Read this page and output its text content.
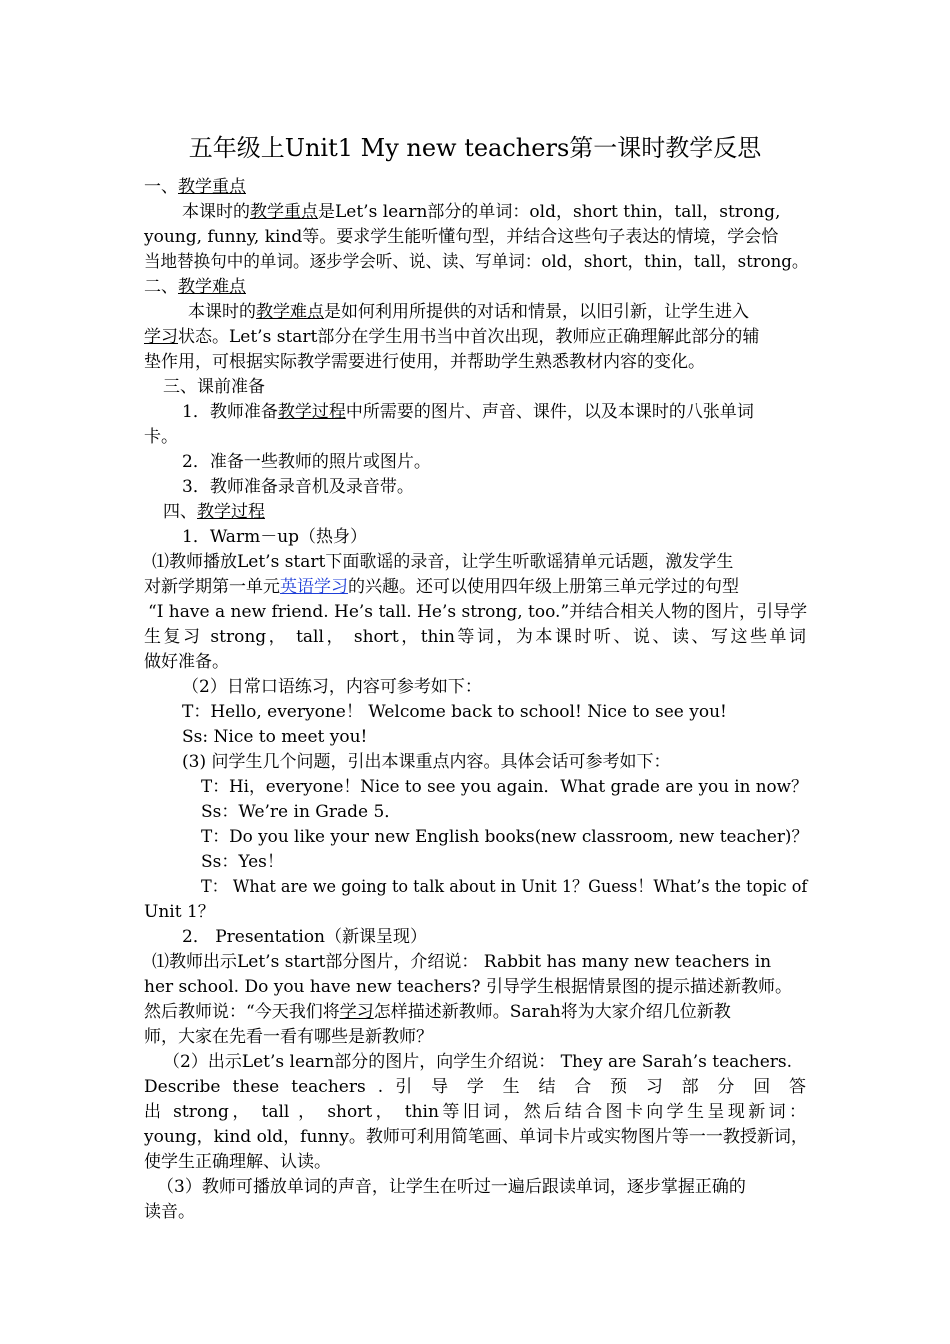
五年级上Unit1 My new teachers第一课时教学反思
一、教学重点
本课时的教学重点是Let’s learn部分的单词：old，short thin，tall，strong,
young, funny, kind等。要求学生能听懂句型，并结合这些句子表达的情境，学会恰
当地替换句中的单词。逐步学会听、说、读、写单词：old，short，thin，tall，strong。
二、教学难点
本课时的教学难点是如何利用所提供的对话和情景，以旧引新，让学生进入
学习状态。Let’s start部分在学生用书当中首次出现，教师应正确理解此部分的辅
垫作用，可根据实际教学需要进行使用，并帮助学生熟悉教材内容的变化。
三、课前准备
1．教师准备教学过程中所需要的图片、声音、课件，以及本课时的八张单词
卡。
2．准备一些教师的照片或图片。
3．教师准备录音机及录音带。
四、教学过程
1．Warm－up（热身）
⑴教师播放Let’s start下面歌谣的录音，让学生听歌谣猜单元话题，激发学生
对新学期第一单元英语学习的兴趣。还可以使用四年级上册第三单元学过的句型
“I have a new friend. He’s tall. He’s strong, too.”并结合相关人物的图片，引导学
生复习 strong， tall， short，thin等词，为本课时听、说、读、写这些单词
做好准备。
（2）日常口语练习，内容可参考如下：
T：Hello, everyone！ Welcome back to school! Nice to see you!
Ss: Nice to meet you!
(3) 问学生几个问题，引出本课重点内容。具体会话可参考如下：
T：Hi，everyone！Nice to see you again．What grade are you in now？
Ss：We’re in Grade 5．
T：Do you like your new English books(new classroom, new teacher)？
Ss：Yes！
T： What are we going to talk about in Unit 1？Guess！What’s the topic of
Unit 1？
2． Presentation（新课呈现）
⑴教师出示Let’s start部分图片，介绍说： Rabbit has many new teachers in
her school. Do you have new teachers? 引导学生根据情景图的提示描述新教师。
然后教师说：“今天我们将学习怎样描述新教师。Sarah将为大家介绍几位新教
师，大家在先看一看有哪些是新教师？
（2）出示Let’s learn部分的图片，向学生介绍说： They are Sarah’s teachers.
Describe these teachers . 引 导 学 生 结 合 预 习 部 分 回 答
出 strong， tall ， short， thin等旧词，然后结合图卡向学生呈现新词：
young，kind old，funny。教师可利用简笔画、单词卡片或实物图片等一一教授新词，
使学生正确理解、认读。
（3）教师可播放单词的声音，让学生在听过一遍后跟读单词，逐步掌握正确的
读音。
